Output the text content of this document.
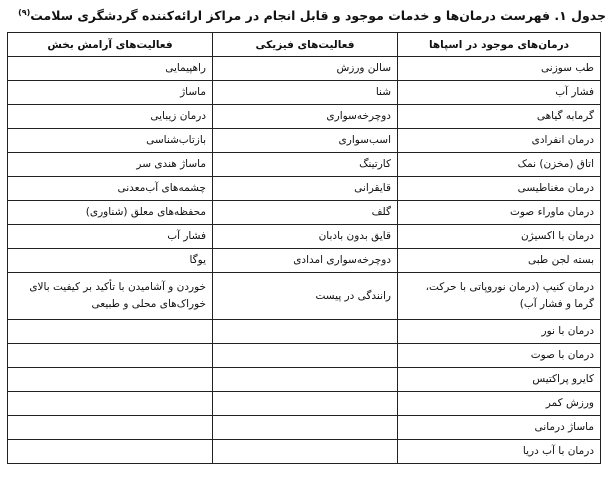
جدول ۱. فهرست درمان‌ها و خدمات موجود و قابل انجام در مراکز ارائه‌کننده گردشگری سلامت$^{(۹)}$
درمان‌های موجود در اسپاها	فعالیت‌های فیزیکی	فعالیت‌های آرامش بخش
طب سوزنی	سالن ورزش	راهپیمایی
فشار آب	شنا	ماساژ
گرمابه گیاهی	دوچرخه‌سواری	درمان زیبایی
درمان انفرادی	اسب‌سواری	بازتاب‌شناسی
اتاق (مخزن) نمک	کارتینگ	ماساژ هندی سر
درمان مغناطیسی	قایقرانی	چشمه‌های آب‌معدنی
درمان ماوراء صوت	گلف	محفظه‌های معلق (شناوری)
درمان با اکسیژن	قایق بدون بادبان	فشار آب
بسته لجن طبی	دوچرخه‌سواری امدادی	یوگا
درمان کنیپ (درمان نوروپاتی با حرکت، گرما و فشار آب)	رانندگی در پیست	خوردن و آشامیدن با تأکید بر کیفیت بالای خوراک‌های محلی و طبیعی
درمان با نور		
درمان با صوت		
کایرو پراکتیس		
ورزش کمر		
ماساژ درمانی		
درمان با آب دریا		
